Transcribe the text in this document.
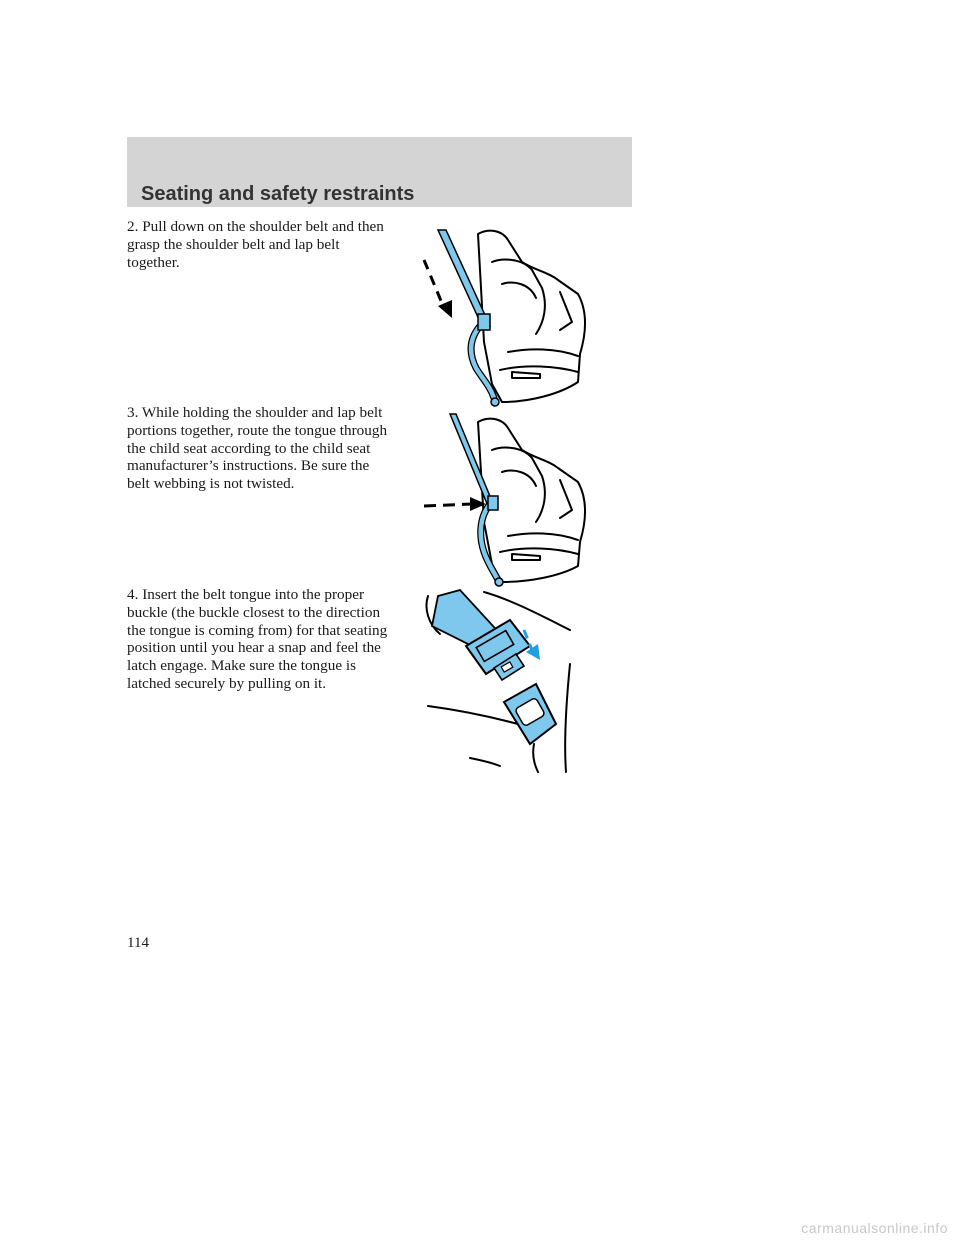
Seating and safety restraints

2. Pull down on the shoulder belt and then grasp the shoulder belt and lap belt together.

3. While holding the shoulder and lap belt portions together, route the tongue through the child seat according to the child seat manufacturer’s instructions. Be sure the belt webbing is not twisted.

4. Insert the belt tongue into the proper buckle (the buckle closest to the direction the tongue is coming from) for that seating position until you hear a snap and feel the latch engage. Make sure the tongue is latched securely by pulling on it.

114
carmanualsonline.info
